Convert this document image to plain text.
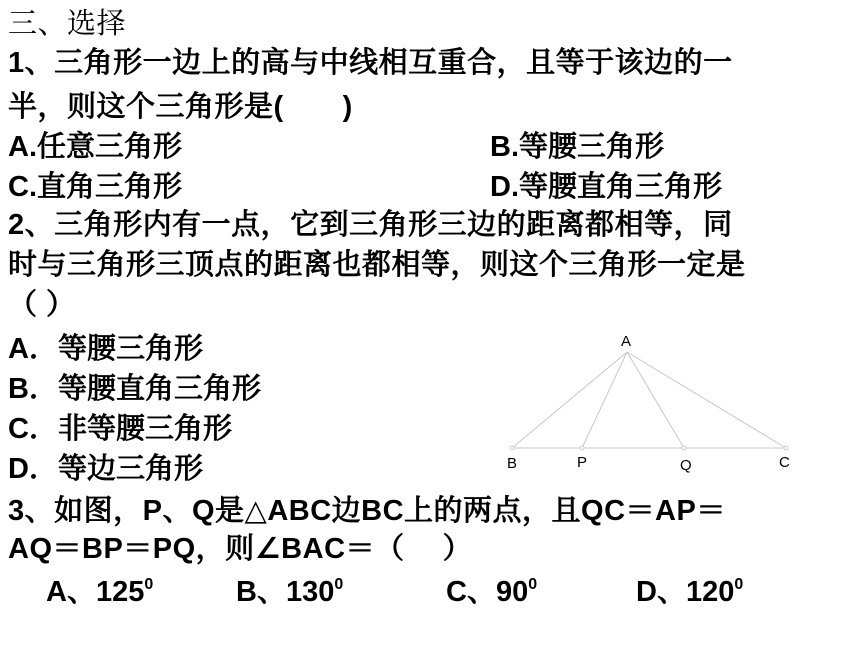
三、选择
1、三角形一边上的高与中线相互重合，且等于该边的一
半，则这个三角形是(　　)
A.任意三角形	B.等腰三角形
C.直角三角形	D.等腰直角三角形
2、三角形内有一点，它到三角形三边的距离都相等，同
时与三角形三顶点的距离也都相等，则这个三角形一定是
（ ）
A．等腰三角形
B．等腰直角三角形
C．非等腰三角形
D．等边三角形
3、如图，P、Q是△ABC边BC上的两点，且QC＝AP＝
AQ＝BP＝PQ，则∠BAC＝（　 ）
A、$125^0$	B、$130^0$	C、$90^0$	D、$120^0$
A
B	P	Q	C
